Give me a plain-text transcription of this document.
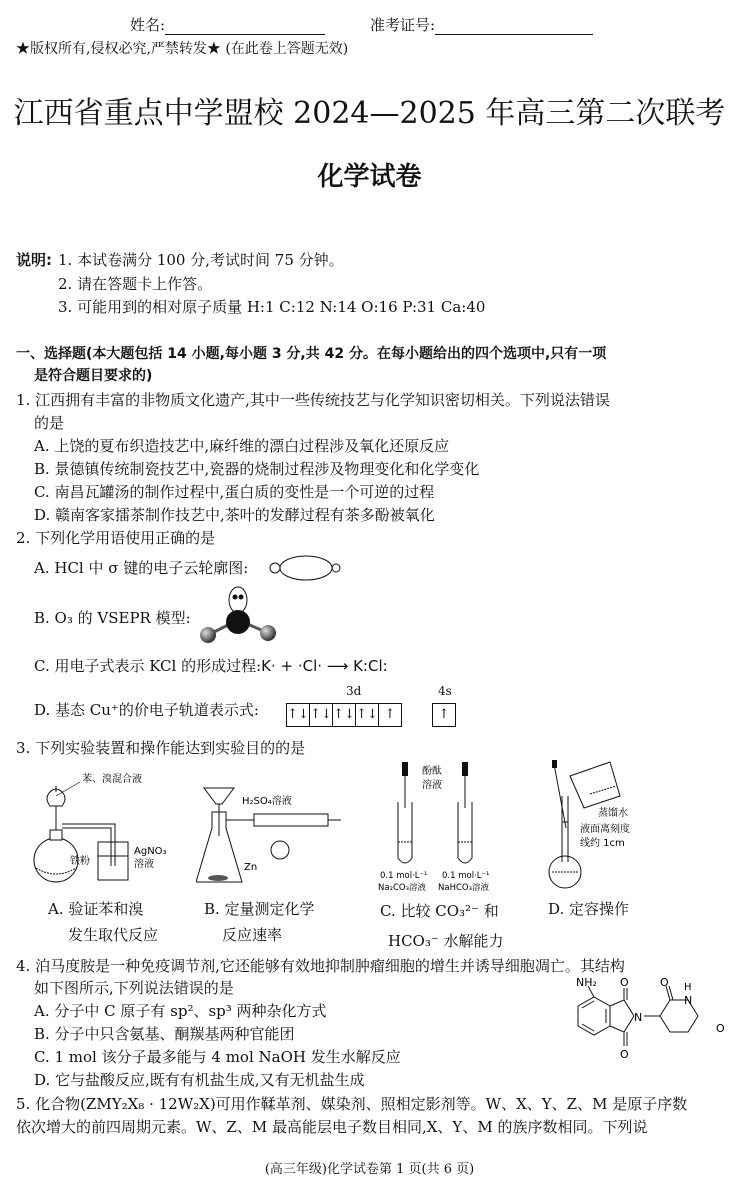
姓名:	准考证号:
★版权所有,侵权必究,严禁转发★ (在此卷上答题无效)
江西省重点中学盟校 2024—2025 年高三第二次联考
化学试卷
说明: 1. 本试卷满分 100 分,考试时间 75 分钟。
2. 请在答题卡上作答。
3. 可能用到的相对原子质量 H:1 C:12 N:14 O:16 P:31 Ca:40
一、选择题(本大题包括 14 小题,每小题 3 分,共 42 分。在每小题给出的四个选项中,只有一项
是符合题目要求的)
1. 江西拥有丰富的非物质文化遗产,其中一些传统技艺与化学知识密切相关。下列说法错误
的是
A. 上饶的夏布织造技艺中,麻纤维的漂白过程涉及氧化还原反应
B. 景德镇传统制瓷技艺中,瓷器的烧制过程涉及物理变化和化学变化
C. 南昌瓦罐汤的制作过程中,蛋白质的变性是一个可逆的过程
D. 赣南客家擂茶制作技艺中,茶叶的发酵过程有茶多酚被氧化
2. 下列化学用语使用正确的是
A. HCl 中 σ 键的电子云轮廓图:
B. O₃ 的 VSEPR 模型:
C. 用电子式表示 KCl 的形成过程:K· + ·Cl· ⟶ K:Cl:
3d	4s
D. 基态 Cu⁺的价电子轨道表示式: ↑↓ ↑↓ ↑↓ ↑↓ ↑	↑
3. 下列实验装置和操作能达到实验目的的是
苯、溴混合液
铁粉
AgNO₃
溶液
A. 验证苯和溴
发生取代反应
H₂SO₄溶液
Zn
B. 定量测定化学
反应速率
酚酞
溶液
0.1 mol·L⁻¹
Na₂CO₃溶液
0.1 mol·L⁻¹
NaHCO₃溶液
C. 比较 CO₃²⁻ 和
HCO₃⁻ 水解能力
蒸馏水
液面离刻度
线约 1cm
D. 定容操作
4. 泊马度胺是一种免疫调节剂,它还能够有效地抑制肿瘤细胞的增生并诱导细胞凋亡。其结构
如下图所示,下列说法错误的是
A. 分子中 C 原子有 sp²、sp³ 两种杂化方式
B. 分子中只含氨基、酮羰基两种官能团
C. 1 mol 该分子最多能与 4 mol NaOH 发生水解反应
D. 它与盐酸反应,既有有机盐生成,又有无机盐生成
NH₂ O
O
N
O
N
H
O
5. 化合物(ZMY₂X₈ · 12W₂X)可用作鞣革剂、媒染剂、照相定影剂等。W、X、Y、Z、M 是原子序数
依次增大的前四周期元素。W、Z、M 最高能层电子数目相同,X、Y、M 的族序数相同。下列说
(高三年级)化学试卷第 1 页(共 6 页)
